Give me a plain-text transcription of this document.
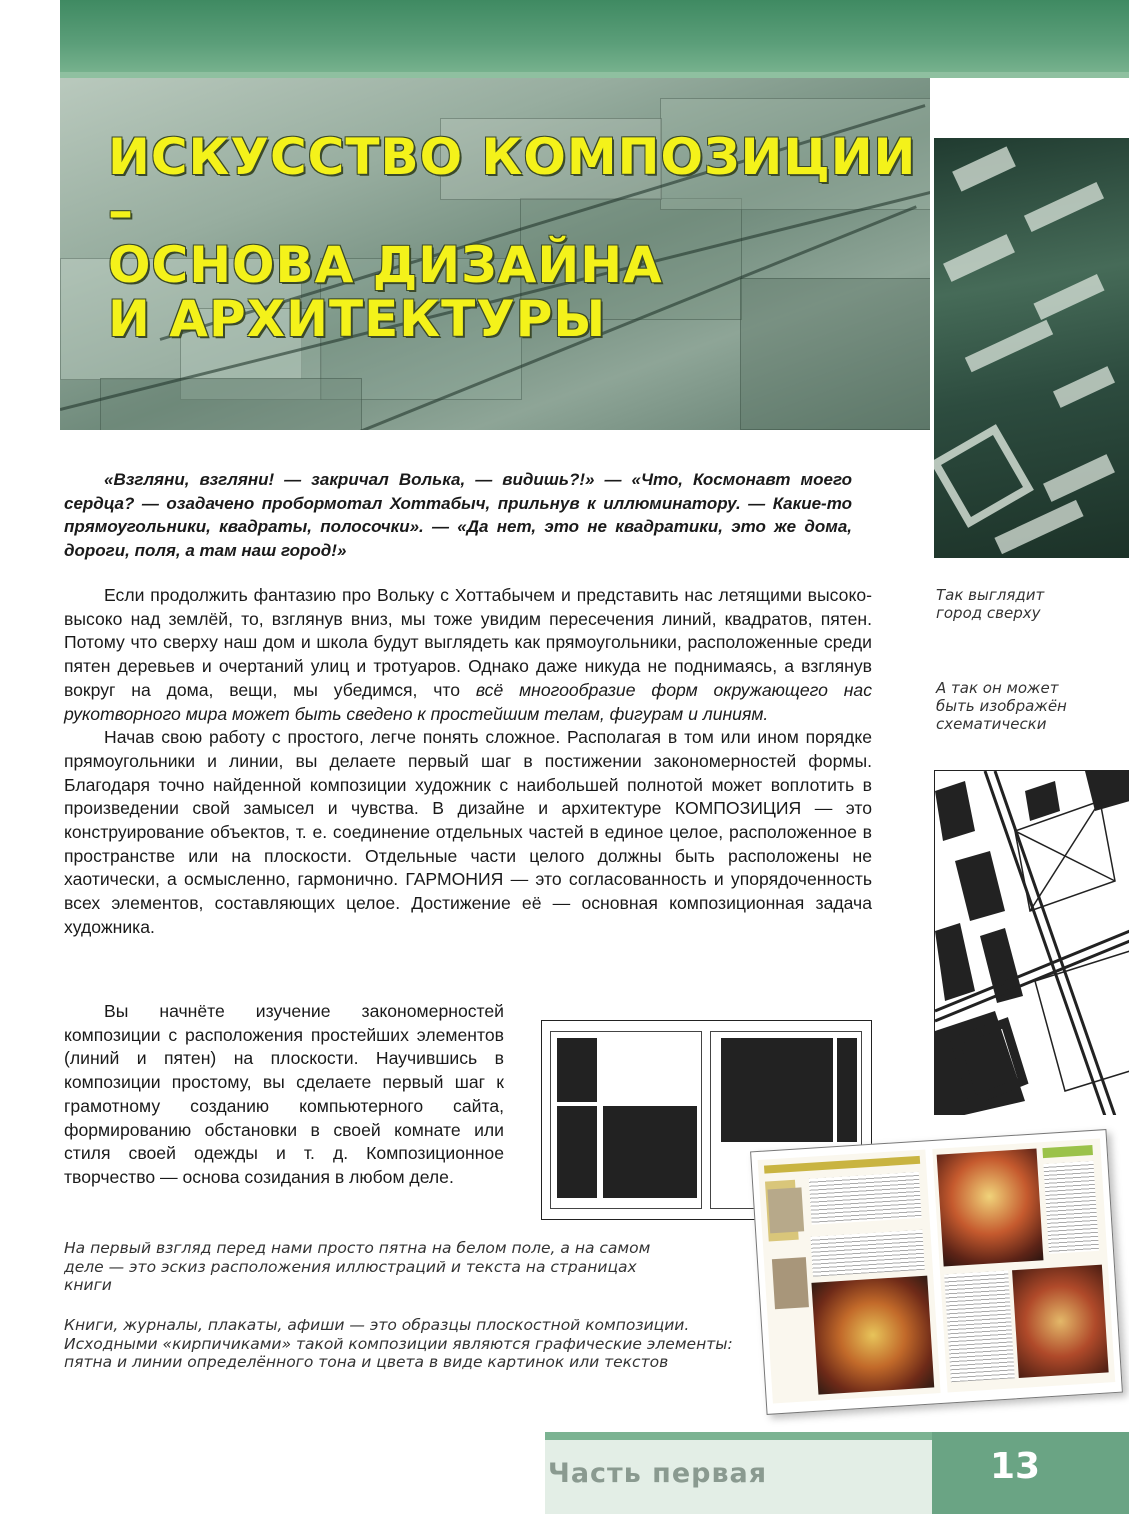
ИСКУССТВО КОМПОЗИЦИИ –
ОСНОВА ДИЗАЙНА
И АРХИТЕКТУРЫ

Так выглядит город сверху

А так он может быть изображён схематически

«Взгляни, взгляни! — закричал Волька, — видишь?!» — «Что, Космонавт моего сердца? — озадачено пробормотал Хоттабыч, прильнув к иллюминатору. — Какие-то прямоугольники, квадраты, полосочки». — «Да нет, это не квадратики, это же дома, дороги, поля, а там наш город!»

Если продолжить фантазию про Вольку с Хоттабычем и представить нас летящими высоко-высоко над землёй, то, взглянув вниз, мы тоже увидим пересечения линий, квадратов, пятен. Потому что сверху наш дом и школа будут выглядеть как прямоугольники, расположенные среди пятен деревьев и очертаний улиц и тротуаров. Однако даже никуда не поднимаясь, а взглянув вокруг на дома, вещи, мы убедимся, что всё многообразие форм окружающего нас рукотворного мира может быть сведено к простейшим телам, фигурам и линиям.

Начав свою работу с простого, легче понять сложное. Располагая в том или ином порядке прямоугольники и линии, вы делаете первый шаг в постижении закономерностей формы. Благодаря точно найденной композиции художник с наибольшей полнотой может воплотить в произведении свой замысел и чувства. В дизайне и архитектуре КОМПОЗИЦИЯ — это конструирование объектов, т. е. соединение отдельных частей в единое целое, расположенное в пространстве или на плоскости. Отдельные части целого должны быть расположены не хаотически, а осмысленно, гармонично. ГАРМОНИЯ — это согласованность и упорядоченность всех элементов, составляющих целое. Достижение её — основная композиционная задача художника.

Вы начнёте изучение закономерностей композиции с расположения простейших элементов (линий и пятен) на плоскости. Научившись в композиции простому, вы сделаете первый шаг к грамотному созданию компьютерного сайта, формированию обстановки в своей комнате или стиля своей одежды и т. д. Композиционное творчество — основа созидания в любом деле.

На первый взгляд перед нами просто пятна на белом поле, а на самом деле — это эскиз расположения иллюстраций и текста на страницах книги

Книги, журналы, плакаты, афиши — это образцы плоскостной композиции. Исходными «кирпичиками» такой композиции являются графические элементы: пятна и линии определённого тона и цвета в виде картинок или текстов

Часть первая	13
